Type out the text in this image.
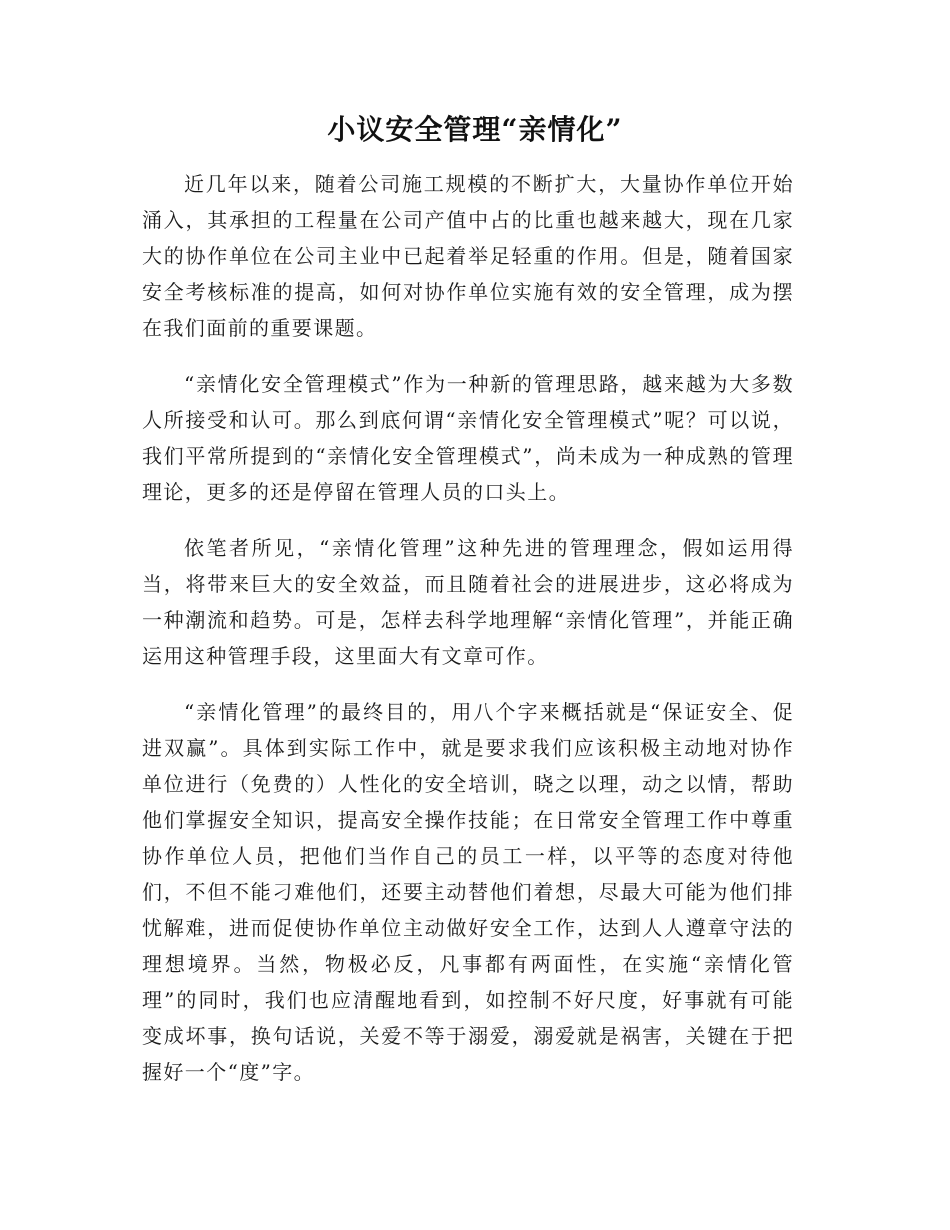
小议安全管理“亲情化”

近几年以来，随着公司施工规模的不断扩大，大量协作单位开始涌入，其承担的工程量在公司产值中占的比重也越来越大，现在几家大的协作单位在公司主业中已起着举足轻重的作用。但是，随着国家安全考核标准的提高，如何对协作单位实施有效的安全管理，成为摆在我们面前的重要课题。

“亲情化安全管理模式”作为一种新的管理思路，越来越为大多数人所接受和认可。那么到底何谓“亲情化安全管理模式”呢？可以说，我们平常所提到的“亲情化安全管理模式”，尚未成为一种成熟的管理理论，更多的还是停留在管理人员的口头上。

依笔者所见，“亲情化管理”这种先进的管理理念，假如运用得当，将带来巨大的安全效益，而且随着社会的进展进步，这必将成为一种潮流和趋势。可是，怎样去科学地理解“亲情化管理”，并能正确运用这种管理手段，这里面大有文章可作。

“亲情化管理”的最终目的，用八个字来概括就是“保证安全、促进双赢”。具体到实际工作中，就是要求我们应该积极主动地对协作单位进行（免费的）人性化的安全培训，晓之以理，动之以情，帮助他们掌握安全知识，提高安全操作技能；在日常安全管理工作中尊重协作单位人员，把他们当作自己的员工一样，以平等的态度对待他们，不但不能刁难他们，还要主动替他们着想，尽最大可能为他们排忧解难，进而促使协作单位主动做好安全工作，达到人人遵章守法的理想境界。当然，物极必反，凡事都有两面性，在实施“亲情化管理”的同时，我们也应清醒地看到，如控制不好尺度，好事就有可能变成坏事，换句话说，关爱不等于溺爱，溺爱就是祸害，关键在于把握好一个“度”字。
